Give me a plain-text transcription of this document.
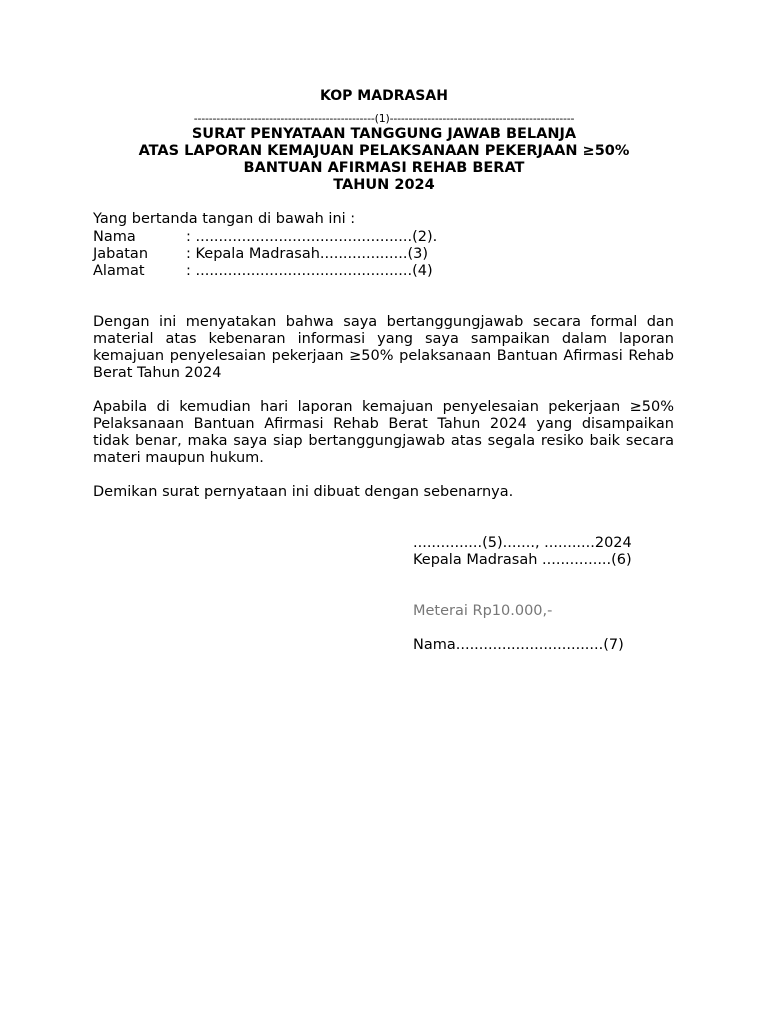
KOP MADRASAH
------------------------------------------------(1)-------------------------------------------------
SURAT PENYATAAN TANGGUNG JAWAB BELANJA
ATAS LAPORAN KEMAJUAN PELAKSANAAN PEKERJAAN ≥50%
BANTUAN AFIRMASI REHAB BERAT
TAHUN 2024
Yang bertanda tangan di bawah ini :
Nama	: ...............................................(2).
Jabatan	: Kepala Madrasah...................(3)
Alamat	: ...............................................(4)
Dengan ini menyatakan bahwa saya bertanggungjawab secara formal dan material atas kebenaran informasi yang saya sampaikan dalam laporan kemajuan penyelesaian pekerjaan ≥50% pelaksanaan Bantuan Afirmasi Rehab Berat Tahun 2024
Apabila di kemudian hari laporan kemajuan penyelesaian pekerjaan ≥50% Pelaksanaan Bantuan Afirmasi Rehab Berat Tahun 2024 yang disampaikan tidak benar, maka saya siap bertanggungjawab atas segala resiko baik secara materi maupun hukum.
Demikan surat pernyataan ini dibuat dengan sebenarnya.
...............(5)......., ...........2024
Kepala Madrasah ...............(6)
Meterai Rp10.000,-
Nama................................(7)
